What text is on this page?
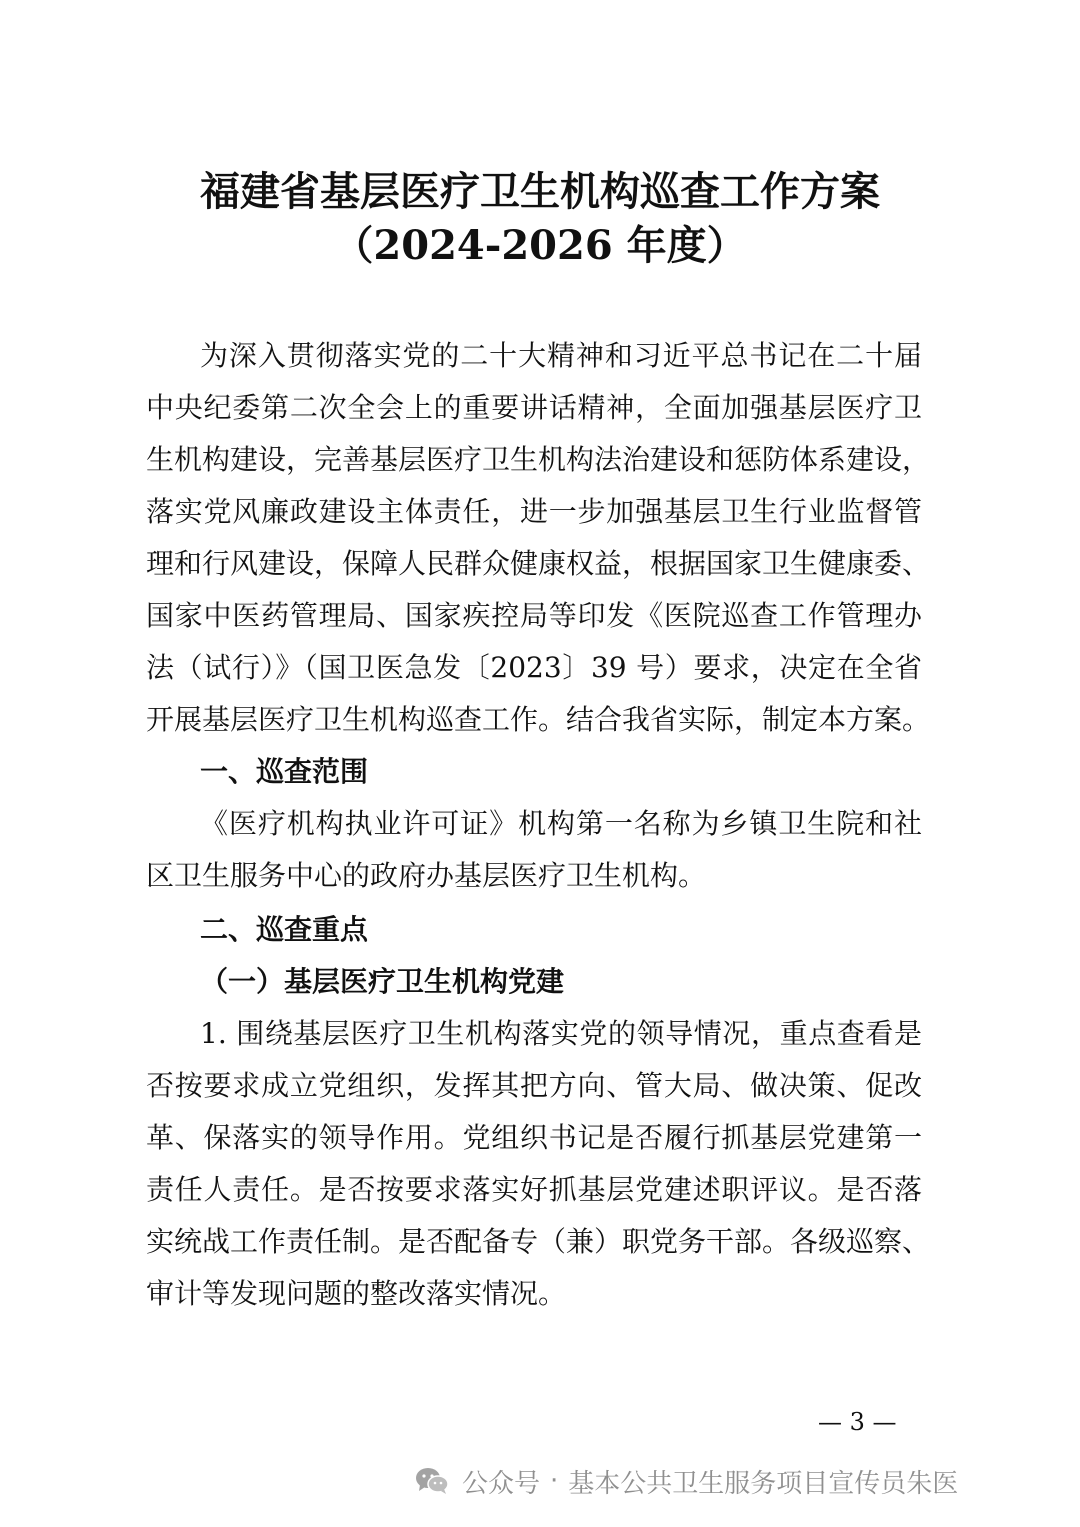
福建省基层医疗卫生机构巡查工作方案
（2024-2026 年度）

为深入贯彻落实党的二十大精神和习近平总书记在二十届

中央纪委第二次全会上的重要讲话精神，全面加强基层医疗卫

生机构建设，完善基层医疗卫生机构法治建设和惩防体系建设，

落实党风廉政建设主体责任，进一步加强基层卫生行业监督管

理和行风建设，保障人民群众健康权益，根据国家卫生健康委、

国家中医药管理局、国家疾控局等印发《医院巡查工作管理办

法（试行）》（国卫医急发〔2023〕39 号）要求，决定在全省

开展基层医疗卫生机构巡查工作。结合我省实际，制定本方案。

一、巡查范围

《医疗机构执业许可证》机构第一名称为乡镇卫生院和社

区卫生服务中心的政府办基层医疗卫生机构。

二、巡查重点
（一）基层医疗卫生机构党建

1. 围绕基层医疗卫生机构落实党的领导情况，重点查看是

否按要求成立党组织，发挥其把方向、管大局、做决策、促改

革、保落实的领导作用。党组织书记是否履行抓基层党建第一

责任人责任。是否按要求落实好抓基层党建述职评议。是否落

实统战工作责任制。是否配备专（兼）职党务干部。各级巡察、

审计等发现问题的整改落实情况。

— 3 —
公众号 · 基本公共卫生服务项目宣传员朱医
